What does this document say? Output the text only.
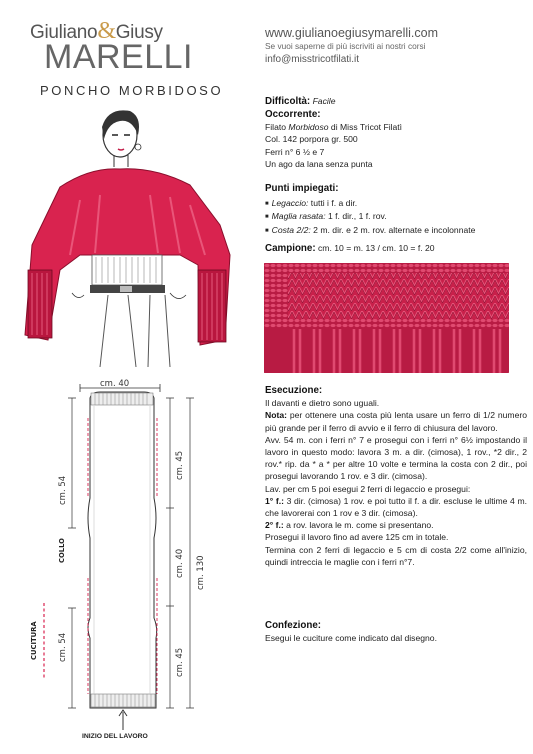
Giuliano&Giusy
MARELLI
PONCHO MORBIDOSO
www.giulianoegiusymarelli.com
Se vuoi saperne di più iscriviti ai nostri corsi
info@misstricotfilati.it
Difficoltà: Facile
Occorrente:
Filato Morbidoso di Miss Tricot Filatì
Col. 142 porpora gr. 500
Ferri n° 6 ½ e 7
Un ago da lana senza punta
Punti impiegati:
■ Legaccio: tutti i f. a dir.
■ Maglia rasata: 1 f. dir., 1 f. rov.
■ Costa 2/2: 2 m. dir. e 2 m. rov. alternate e incolonnate
Campione: cm. 10 = m. 13 / cm. 10 = f. 20
cm. 40
cm. 54
COLLO
cm. 54
cm. 45
cm. 40
cm. 45
cm. 130
CUCITURA
INIZIO DEL LAVORO
Esecuzione:
Il davanti e dietro sono uguali.
Nota: per ottenere una costa più lenta usare un ferro di 1/2 numero più grande per il ferro di avvio e il ferro di chiusura del lavoro.
Avv. 54 m. con i ferri n° 7 e prosegui con i ferri n° 6½ impostando il lavoro in questo modo: lavora 3 m. a dir. (cimosa), 1 rov., *2 dir., 2 rov.* rip. da * a * per altre 10 volte e termina la costa con 2 dir., poi prosegui lavorando 1 rov. e 3 dir. (cimosa).
Lav. per cm 5 poi esegui 2 ferri di legaccio e prosegui:
1° f.: 3 dir. (cimosa) 1 rov. e poi tutto il f. a dir. escluse le ultime 4 m. che lavorerai con 1 rov e 3 dir. (cimosa).
2° f.: a rov. lavora le m. come si presentano.
Prosegui il lavoro fino ad avere 125 cm in totale.
Termina con 2 ferri di legaccio e 5 cm di costa 2/2 come all'inizio, quindi intreccia le maglie con i ferri n°7.
Confezione:
Esegui le cuciture come indicato dal disegno.
